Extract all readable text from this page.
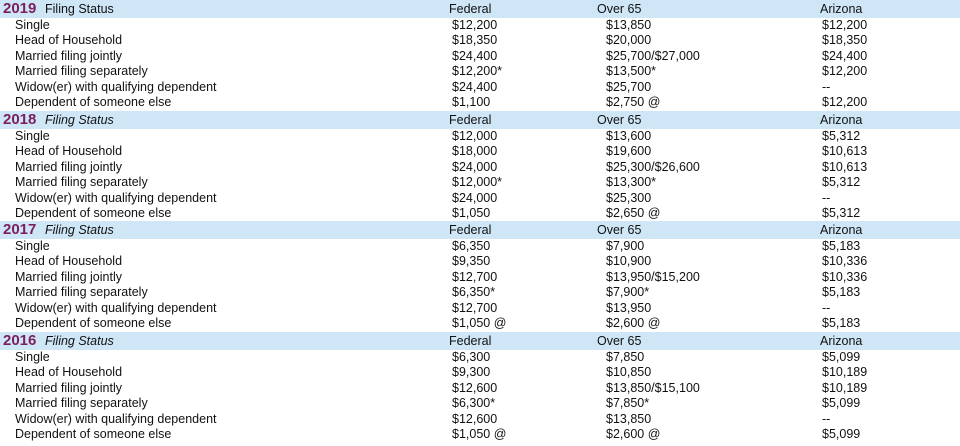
2019 Filing Status	Federal	Over 65	Arizona
Single	$12,200	$13,850	$12,200
Head of Household	$18,350	$20,000	$18,350
Married filing jointly	$24,400	$25,700/$27,000	$24,400
Married filing separately	$12,200*	$13,500*	$12,200
Widow(er) with qualifying dependent	$24,400	$25,700	--
Dependent of someone else	$1,100	$2,750 @	$12,200
2018 Filing Status	Federal	Over 65	Arizona
Single	$12,000	$13,600	$5,312
Head of Household	$18,000	$19,600	$10,613
Married filing jointly	$24,000	$25,300/$26,600	$10,613
Married filing separately	$12,000*	$13,300*	$5,312
Widow(er) with qualifying dependent	$24,000	$25,300	--
Dependent of someone else	$1,050	$2,650 @	$5,312
2017 Filing Status	Federal	Over 65	Arizona
Single	$6,350	$7,900	$5,183
Head of Household	$9,350	$10,900	$10,336
Married filing jointly	$12,700	$13,950/$15,200	$10,336
Married filing separately	$6,350*	$7,900*	$5,183
Widow(er) with qualifying dependent	$12,700	$13,950	--
Dependent of someone else	$1,050 @	$2,600 @	$5,183
2016 Filing Status	Federal	Over 65	Arizona
Single	$6,300	$7,850	$5,099
Head of Household	$9,300	$10,850	$10,189
Married filing jointly	$12,600	$13,850/$15,100	$10,189
Married filing separately	$6,300*	$7,850*	$5,099
Widow(er) with qualifying dependent	$12,600	$13,850	--
Dependent of someone else	$1,050 @	$2,600 @	$5,099
